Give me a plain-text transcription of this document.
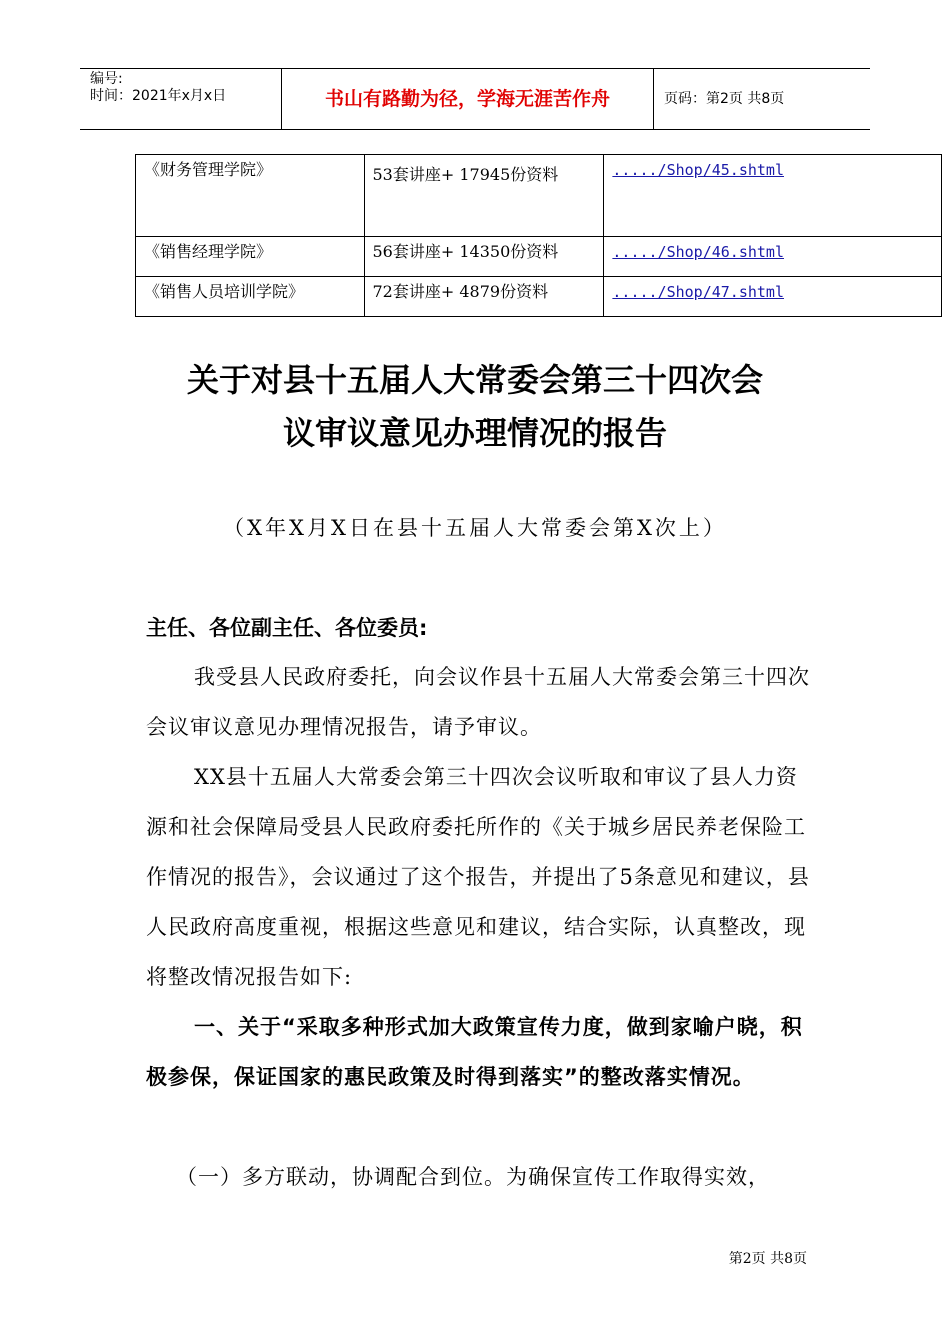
编号:
时间：2021年x月x日	书山有路勤为径，学海无涯苦作舟	页码：第2页 共8页
《财务管理学院》	53套讲座+ 17945份资料	...../Shop/45.shtml
《销售经理学院》	56套讲座+ 14350份资料	...../Shop/46.shtml
《销售人员培训学院》	72套讲座+ 4879份资料	...../Shop/47.shtml
关于对县十五届人大常委会第三十四次会
议审议意见办理情况的报告
（X年X月X日在县十五届人大常委会第X次上）
主任、各位副主任、各位委员:
我受县人民政府委托，向会议作县十五届人大常委会第三十四次会议审议意见办理情况报告，请予审议。
XX县十五届人大常委会第三十四次会议听取和审议了县人力资源和社会保障局受县人民政府委托所作的《关于城乡居民养老保险工作情况的报告》，会议通过了这个报告，并提出了5条意见和建议，县人民政府高度重视，根据这些意见和建议，结合实际，认真整改，现将整改情况报告如下:
一、关于“采取多种形式加大政策宣传力度，做到家喻户晓，积极参保，保证国家的惠民政策及时得到落实”的整改落实情况。
（一）多方联动，协调配合到位。为确保宣传工作取得实效，
第2页 共8页
